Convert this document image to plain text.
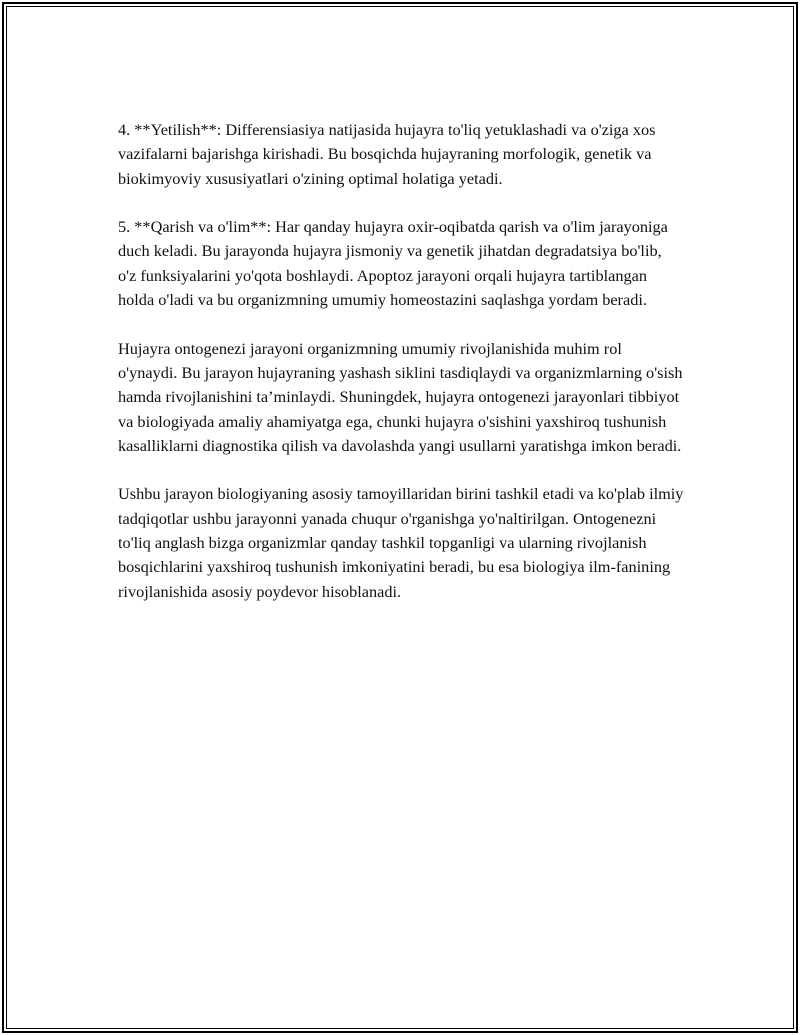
4. **Yetilish**: Differensiasiya natijasida hujayra to'liq yetuklashadi va o'ziga xos vazifalarni bajarishga kirishadi. Bu bosqichda hujayraning morfologik, genetik va biokimyoviy xususiyatlari o'zining optimal holatiga yetadi.

5. **Qarish va o'lim**: Har qanday hujayra oxir-oqibatda qarish va o'lim jarayoniga duch keladi. Bu jarayonda hujayra jismoniy va genetik jihatdan degradatsiya bo'lib, o'z funksiyalarini yo'qota boshlaydi. Apoptoz jarayoni orqali hujayra tartiblangan holda o'ladi va bu organizmning umumiy homeostazini saqlashga yordam beradi.

Hujayra ontogenezi jarayoni organizmning umumiy rivojlanishida muhim rol o'ynaydi. Bu jarayon hujayraning yashash siklini tasdiqlaydi va organizmlarning o'sish hamda rivojlanishini ta’minlaydi. Shuningdek, hujayra ontogenezi jarayonlari tibbiyot va biologiyada amaliy ahamiyatga ega, chunki hujayra o'sishini yaxshiroq tushunish kasalliklarni diagnostika qilish va davolashda yangi usullarni yaratishga imkon beradi.

Ushbu jarayon biologiyaning asosiy tamoyillaridan birini tashkil etadi va ko'plab ilmiy tadqiqotlar ushbu jarayonni yanada chuqur o'rganishga yo'naltirilgan. Ontogenezni to'liq anglash bizga organizmlar qanday tashkil topganligi va ularning rivojlanish bosqichlarini yaxshiroq tushunish imkoniyatini beradi, bu esa biologiya ilm-fanining rivojlanishida asosiy poydevor hisoblanadi.
